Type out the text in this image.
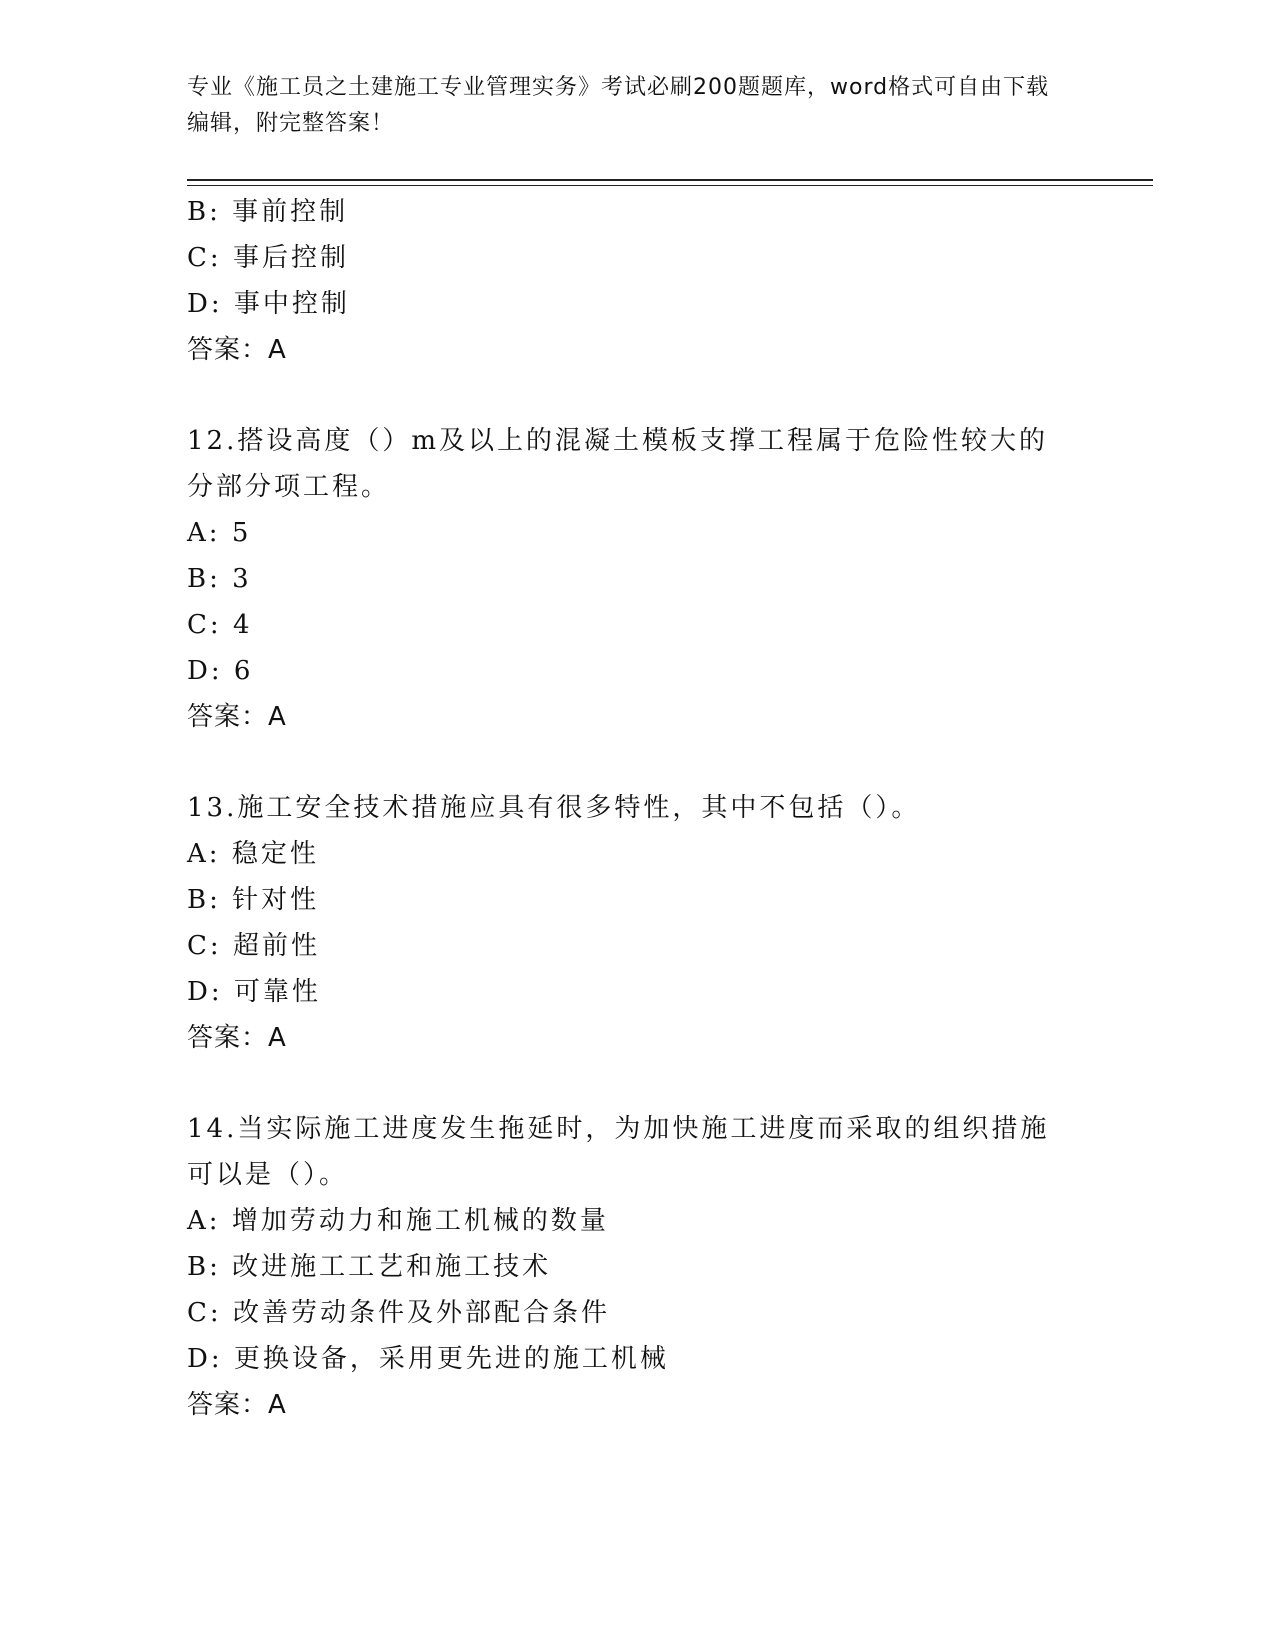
专业《施工员之土建施工专业管理实务》考试必刷200题题库，word格式可自由下载编辑，附完整答案！
B: 事前控制
C: 事后控制
D: 事中控制
答案：A
12.搭设高度（）m及以上的混凝土模板支撑工程属于危险性较大的分部分项工程。
A: 5
B: 3
C: 4
D: 6
答案：A
13.施工安全技术措施应具有很多特性，其中不包括（）。
A: 稳定性
B: 针对性
C: 超前性
D: 可靠性
答案：A
14.当实际施工进度发生拖延时，为加快施工进度而采取的组织措施可以是（）。
A: 增加劳动力和施工机械的数量
B: 改进施工工艺和施工技术
C: 改善劳动条件及外部配合条件
D: 更换设备，采用更先进的施工机械
答案：A
